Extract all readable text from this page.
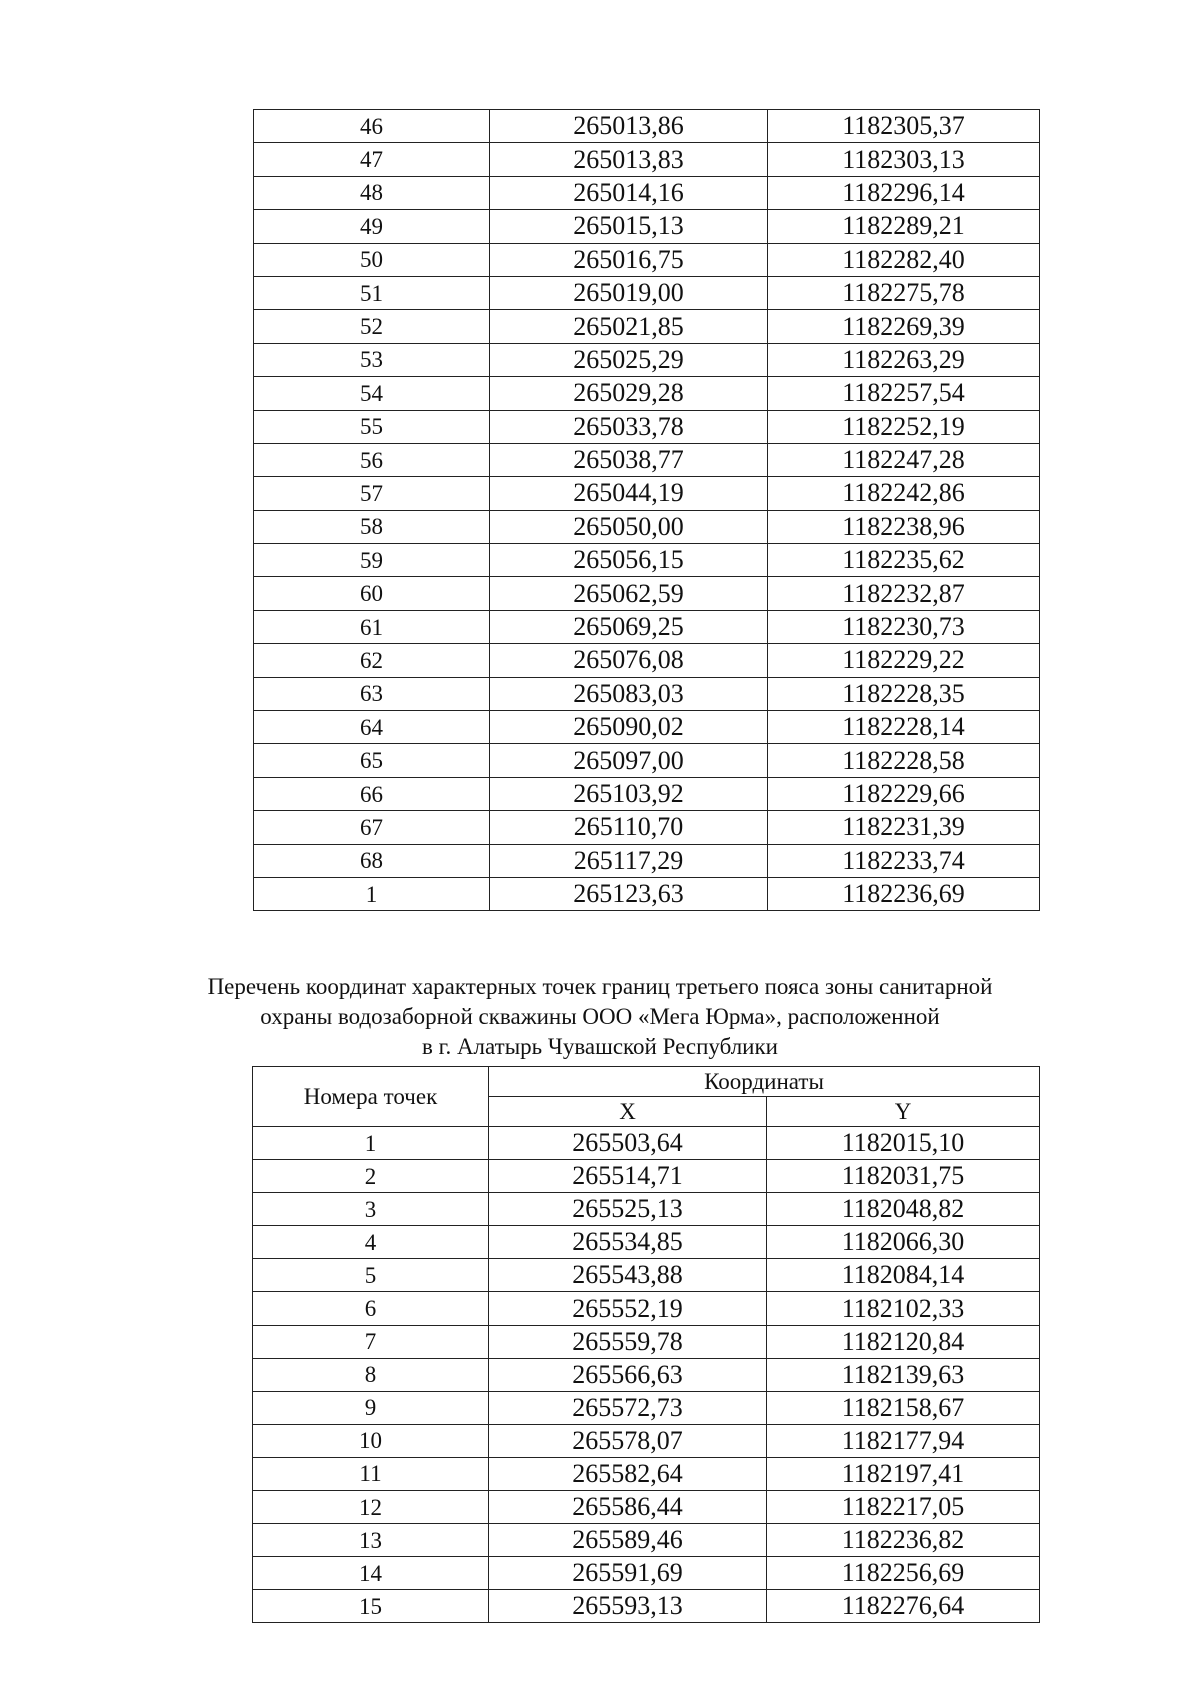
46	265013,86	1182305,37
47	265013,83	1182303,13
48	265014,16	1182296,14
49	265015,13	1182289,21
50	265016,75	1182282,40
51	265019,00	1182275,78
52	265021,85	1182269,39
53	265025,29	1182263,29
54	265029,28	1182257,54
55	265033,78	1182252,19
56	265038,77	1182247,28
57	265044,19	1182242,86
58	265050,00	1182238,96
59	265056,15	1182235,62
60	265062,59	1182232,87
61	265069,25	1182230,73
62	265076,08	1182229,22
63	265083,03	1182228,35
64	265090,02	1182228,14
65	265097,00	1182228,58
66	265103,92	1182229,66
67	265110,70	1182231,39
68	265117,29	1182233,74
1	265123,63	1182236,69
Перечень координат характерных точек границ третьего пояса зоны санитарной
охраны водозаборной скважины ООО «Мега Юрма», расположенной
в г. Алатырь Чувашской Республики
Номера точек	Координаты	
	X	Y
1	265503,64	1182015,10
2	265514,71	1182031,75
3	265525,13	1182048,82
4	265534,85	1182066,30
5	265543,88	1182084,14
6	265552,19	1182102,33
7	265559,78	1182120,84
8	265566,63	1182139,63
9	265572,73	1182158,67
10	265578,07	1182177,94
11	265582,64	1182197,41
12	265586,44	1182217,05
13	265589,46	1182236,82
14	265591,69	1182256,69
15	265593,13	1182276,64
